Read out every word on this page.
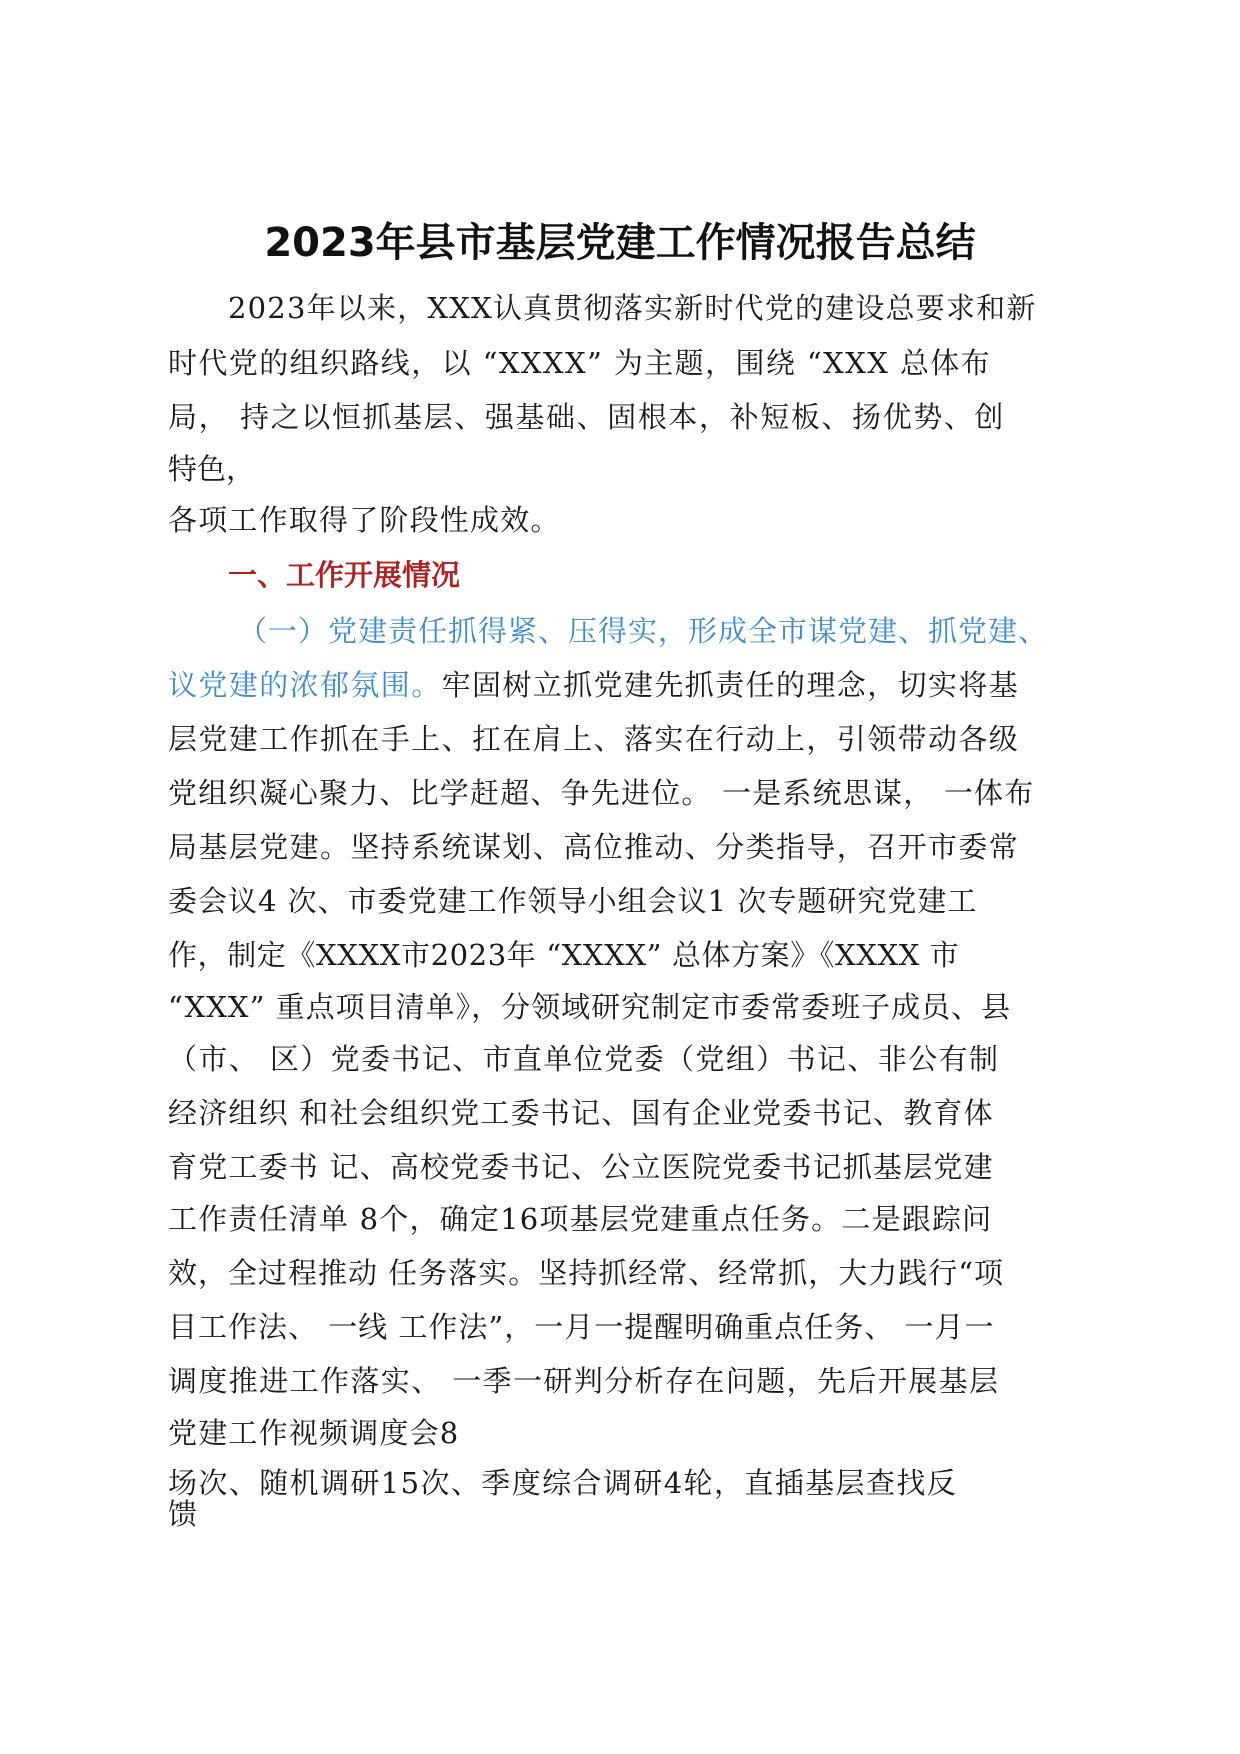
2023年县市基层党建工作情况报告总结
2023年以来，XXX认真贯彻落实新时代党的建设总要求和新
时代党的组织路线，以 “XXXX” 为主题，围绕 “XXX 总体布
局， 持之以恒抓基层、强基础、固根本，补短板、扬优势、创
特色，
各项工作取得了阶段性成效。
一、工作开展情况
（一）党建责任抓得紧、压得实，形成全市谋党建、抓党建、
议党建的浓郁氛围。牢固树立抓党建先抓责任的理念，切实将基
层党建工作抓在手上、扛在肩上、落实在行动上，引领带动各级
党组织凝心聚力、比学赶超、争先进位。 一是系统思谋， 一体布
局基层党建。坚持系统谋划、高位推动、分类指导，召开市委常
委会议4 次、市委党建工作领导小组会议1 次专题研究党建工
作，制定《XXXX市2023年 “XXXX” 总体方案》《XXXX 市
“XXX” 重点项目清单》，分领域研究制定市委常委班子成员、县
（市、 区）党委书记、市直单位党委（党组）书记、非公有制
经济组织 和社会组织党工委书记、国有企业党委书记、教育体
育党工委书 记、高校党委书记、公立医院党委书记抓基层党建
工作责任清单 8个，确定16项基层党建重点任务。二是跟踪问
效，全过程推动 任务落实。坚持抓经常、经常抓，大力践行“项
目工作法、 一线 工作法”，一月一提醒明确重点任务、 一月一
调度推进工作落实、 一季一研判分析存在问题，先后开展基层
党建工作视频调度会8
场次、随机调研15次、季度综合调研4轮，直插基层查找反
馈
